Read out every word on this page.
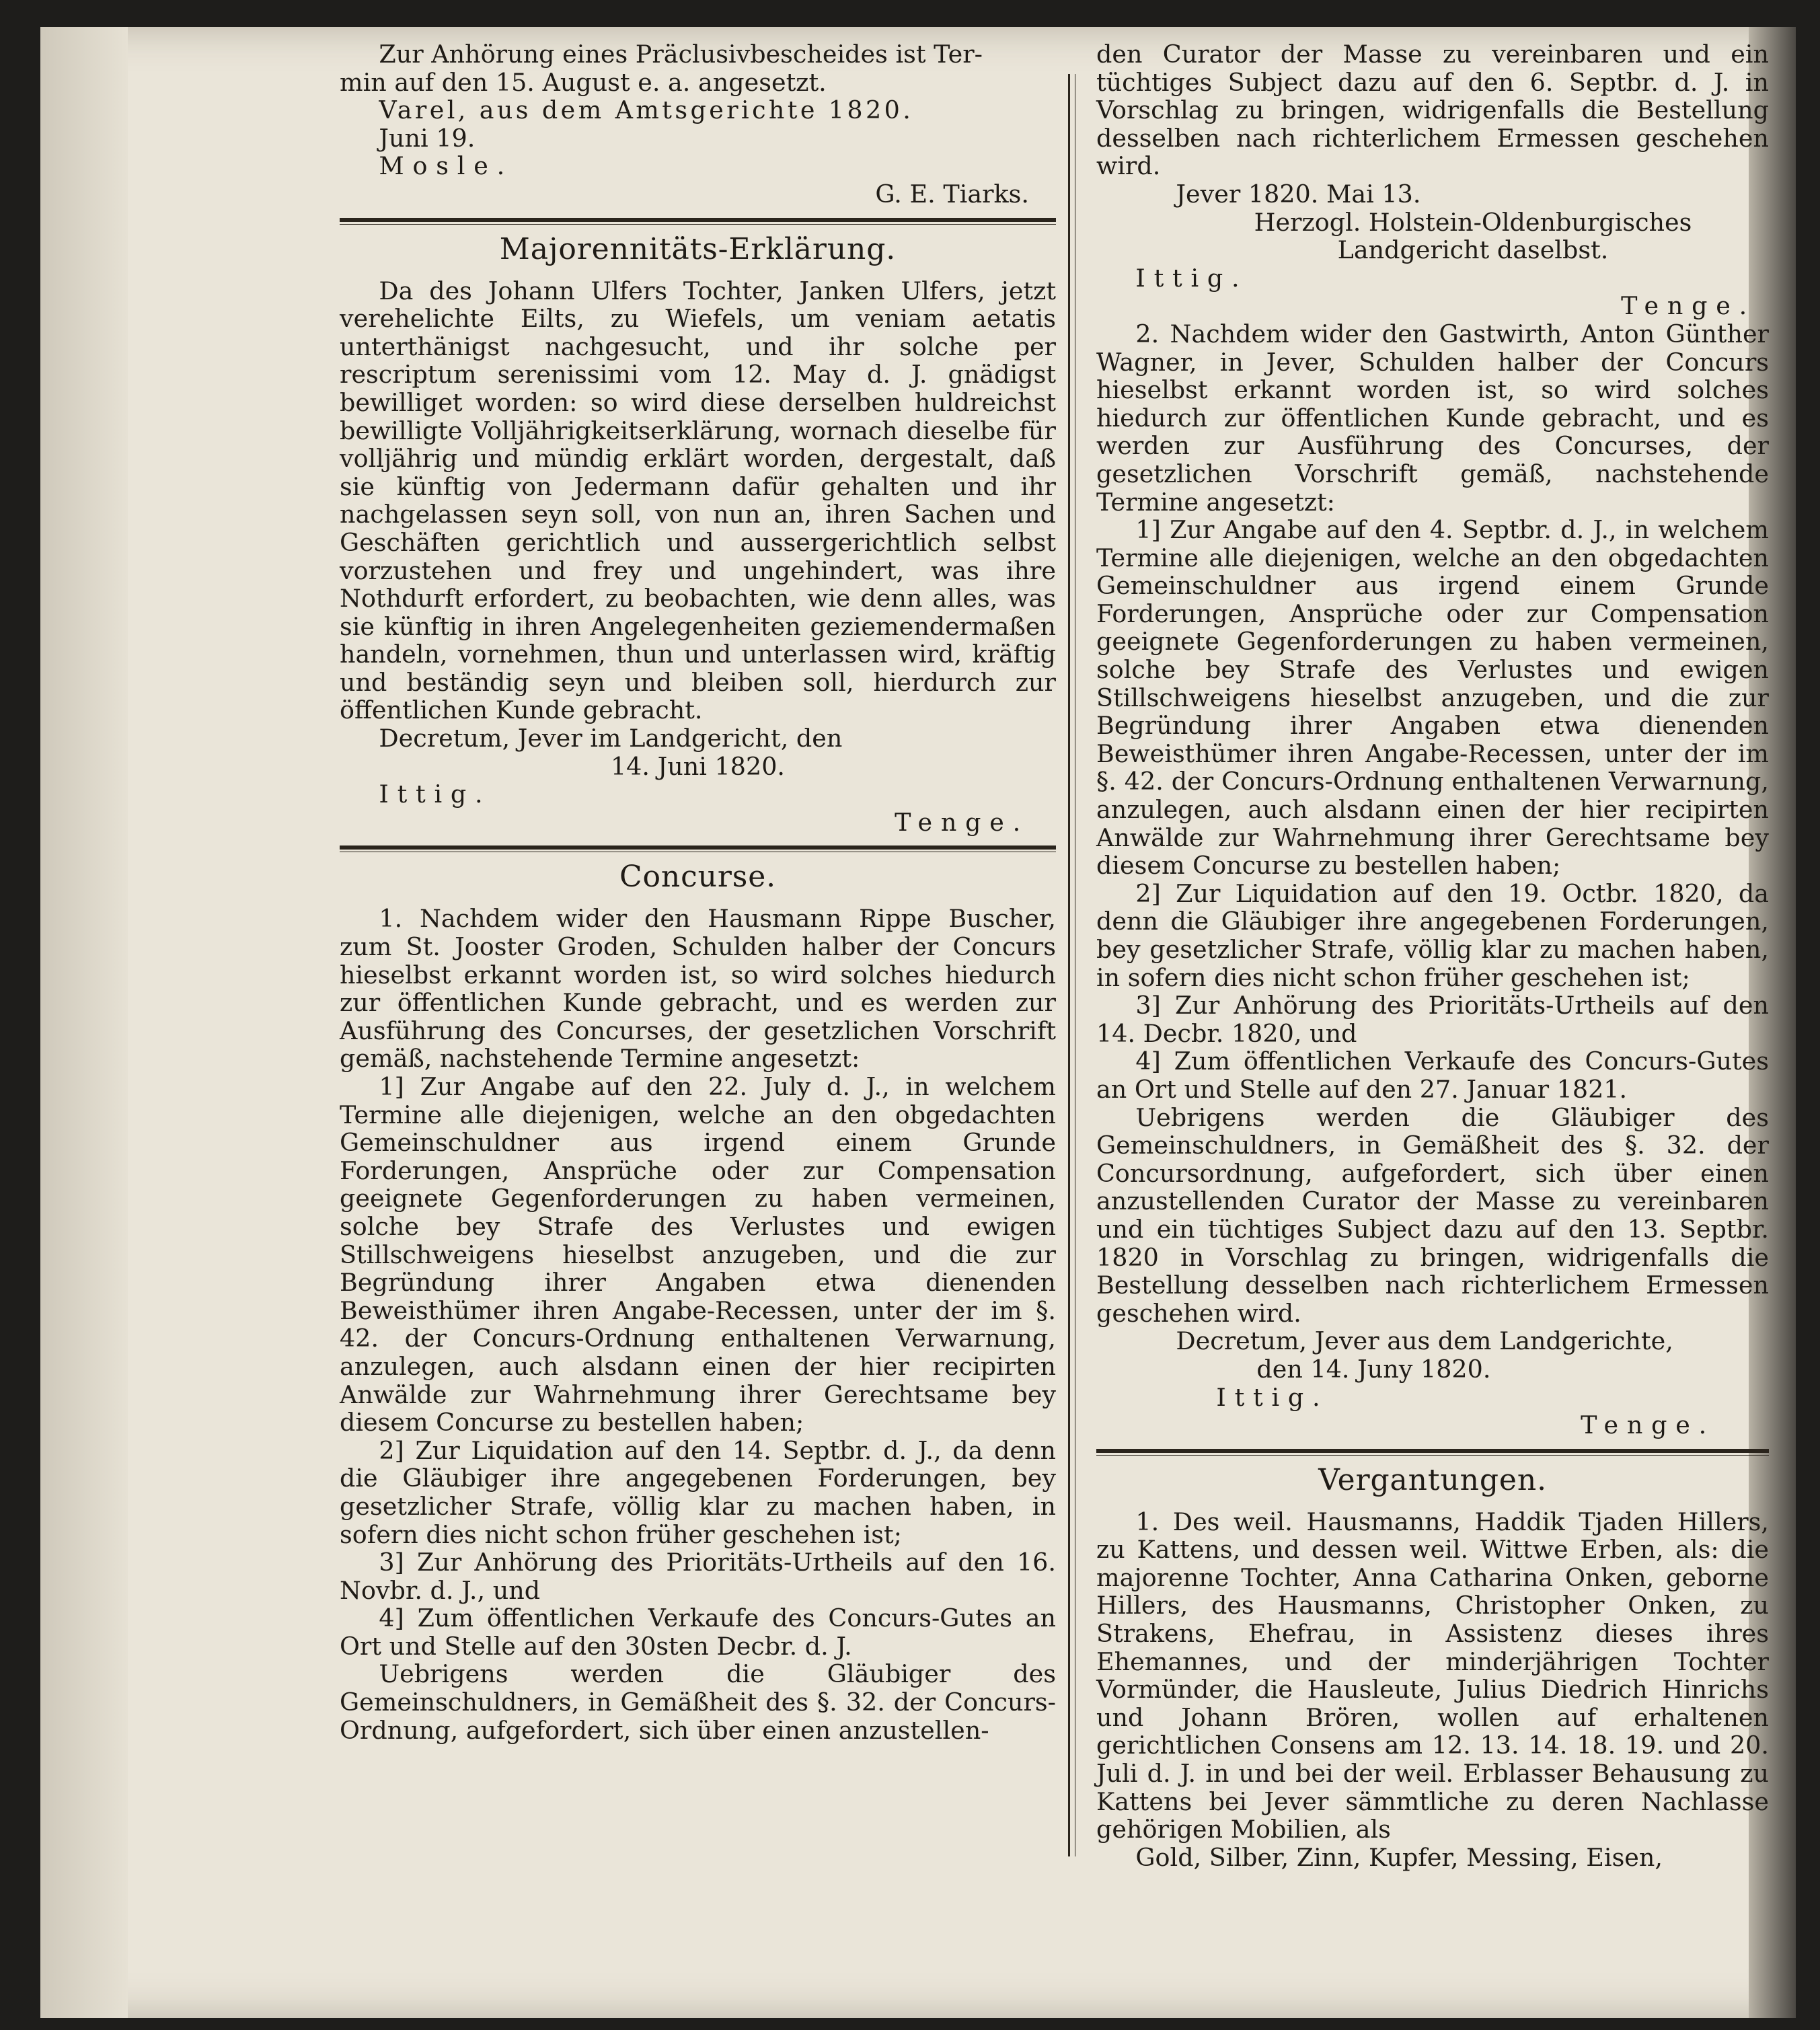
Zur Anhörung eines Präclusivbescheides ist Ter-

min auf den 15. August e. a. angesetzt.

Varel, aus dem Amtsgerichte 1820.

Juni 19.

Mosle.

G. E. Tiarks.

Majorennitäts-Erklärung.

Da des Johann Ulfers Tochter, Janken Ulfers, jetzt verehelichte Eilts, zu Wiefels, um veniam aetatis unterthänigst nachgesucht, und ihr solche per rescriptum serenissimi vom 12. May d. J. gnädigst bewilliget worden: so wird diese derselben huldreichst bewilligte Volljährigkeitserklärung, wornach dieselbe für volljährig und mündig erklärt worden, dergestalt, daß sie künftig von Jedermann dafür gehalten und ihr nachgelassen seyn soll, von nun an, ihren Sachen und Geschäften gerichtlich und aussergerichtlich selbst vorzustehen und frey und ungehindert, was ihre Nothdurft erfordert, zu beobachten, wie denn alles, was sie künftig in ihren Angelegenheiten geziemendermaßen handeln, vornehmen, thun und unterlassen wird, kräftig und beständig seyn und bleiben soll, hierdurch zur öffentlichen Kunde gebracht.

Decretum, Jever im Landgericht, den

14. Juni 1820.

Ittig.

Tenge.

Concurse.

1. Nachdem wider den Hausmann Rippe Buscher, zum St. Jooster Groden, Schulden halber der Concurs hieselbst erkannt worden ist, so wird solches hiedurch zur öffentlichen Kunde gebracht, und es werden zur Ausführung des Concurses, der gesetzlichen Vorschrift gemäß, nachstehende Termine angesetzt:

1] Zur Angabe auf den 22. July d. J., in welchem Termine alle diejenigen, welche an den obgedachten Gemeinschuldner aus irgend einem Grunde Forderungen, Ansprüche oder zur Compensation geeignete Gegenforderungen zu haben vermeinen, solche bey Strafe des Verlustes und ewigen Stillschweigens hieselbst anzugeben, und die zur Begründung ihrer Angaben etwa dienenden Beweisthümer ihren Angabe-Recessen, unter der im §. 42. der Concurs-Ordnung enthaltenen Verwarnung, anzulegen, auch alsdann einen der hier recipirten Anwälde zur Wahrnehmung ihrer Gerechtsame bey diesem Concurse zu bestellen haben;

2] Zur Liquidation auf den 14. Septbr. d. J., da denn die Gläubiger ihre angegebenen Forderungen, bey gesetzlicher Strafe, völlig klar zu machen haben, in sofern dies nicht schon früher geschehen ist;

3] Zur Anhörung des Prioritäts-Urtheils auf den 16. Novbr. d. J., und

4] Zum öffentlichen Verkaufe des Concurs-Gutes an Ort und Stelle auf den 30sten Decbr. d. J.

Uebrigens werden die Gläubiger des Gemeinschuldners, in Gemäßheit des §. 32. der Concurs-Ordnung, aufgefordert, sich über einen anzustellen-

den Curator der Masse zu vereinbaren und ein tüchtiges Subject dazu auf den 6. Septbr. d. J. in Vorschlag zu bringen, widrigenfalls die Bestellung desselben nach richterlichem Ermessen geschehen wird.

Jever 1820. Mai 13.

Herzogl. Holstein-Oldenburgisches Landgericht daselbst.

Ittig.

Tenge.

2. Nachdem wider den Gastwirth, Anton Günther Wagner, in Jever, Schulden halber der Concurs hieselbst erkannt worden ist, so wird solches hiedurch zur öffentlichen Kunde gebracht, und es werden zur Ausführung des Concurses, der gesetzlichen Vorschrift gemäß, nachstehende Termine angesetzt:

1] Zur Angabe auf den 4. Septbr. d. J., in welchem Termine alle diejenigen, welche an den obgedachten Gemeinschuldner aus irgend einem Grunde Forderungen, Ansprüche oder zur Compensation geeignete Gegenforderungen zu haben vermeinen, solche bey Strafe des Verlustes und ewigen Stillschweigens hieselbst anzugeben, und die zur Begründung ihrer Angaben etwa dienenden Beweisthümer ihren Angabe-Recessen, unter der im §. 42. der Concurs-Ordnung enthaltenen Verwarnung, anzulegen, auch alsdann einen der hier recipirten Anwälde zur Wahrnehmung ihrer Gerechtsame bey diesem Concurse zu bestellen haben;

2] Zur Liquidation auf den 19. Octbr. 1820, da denn die Gläubiger ihre angegebenen Forderungen, bey gesetzlicher Strafe, völlig klar zu machen haben, in sofern dies nicht schon früher geschehen ist;

3] Zur Anhörung des Prioritäts-Urtheils auf den 14. Decbr. 1820, und

4] Zum öffentlichen Verkaufe des Concurs-Gutes an Ort und Stelle auf den 27. Januar 1821.

Uebrigens werden die Gläubiger des Gemeinschuldners, in Gemäßheit des §. 32. der Concursordnung, aufgefordert, sich über einen anzustellenden Curator der Masse zu vereinbaren und ein tüchtiges Subject dazu auf den 13. Septbr. 1820 in Vorschlag zu bringen, widrigenfalls die Bestellung desselben nach richterlichem Ermessen geschehen wird.

Decretum, Jever aus dem Landgerichte,

den 14. Juny 1820.

Ittig.

Tenge.

Vergantungen.

1. Des weil. Hausmanns, Haddik Tjaden Hillers, zu Kattens, und dessen weil. Wittwe Erben, als: die majorenne Tochter, Anna Catharina Onken, geborne Hillers, des Hausmanns, Christopher Onken, zu Strakens, Ehefrau, in Assistenz dieses ihres Ehemannes, und der minderjährigen Tochter Vormünder, die Hausleute, Julius Diedrich Hinrichs und Johann Brören, wollen auf erhaltenen gerichtlichen Consens am 12. 13. 14. 18. 19. und 20. Juli d. J. in und bei der weil. Erblasser Behausung zu Kattens bei Jever sämmtliche zu deren Nachlasse gehörigen Mobilien, als

Gold, Silber, Zinn, Kupfer, Messing, Eisen,
